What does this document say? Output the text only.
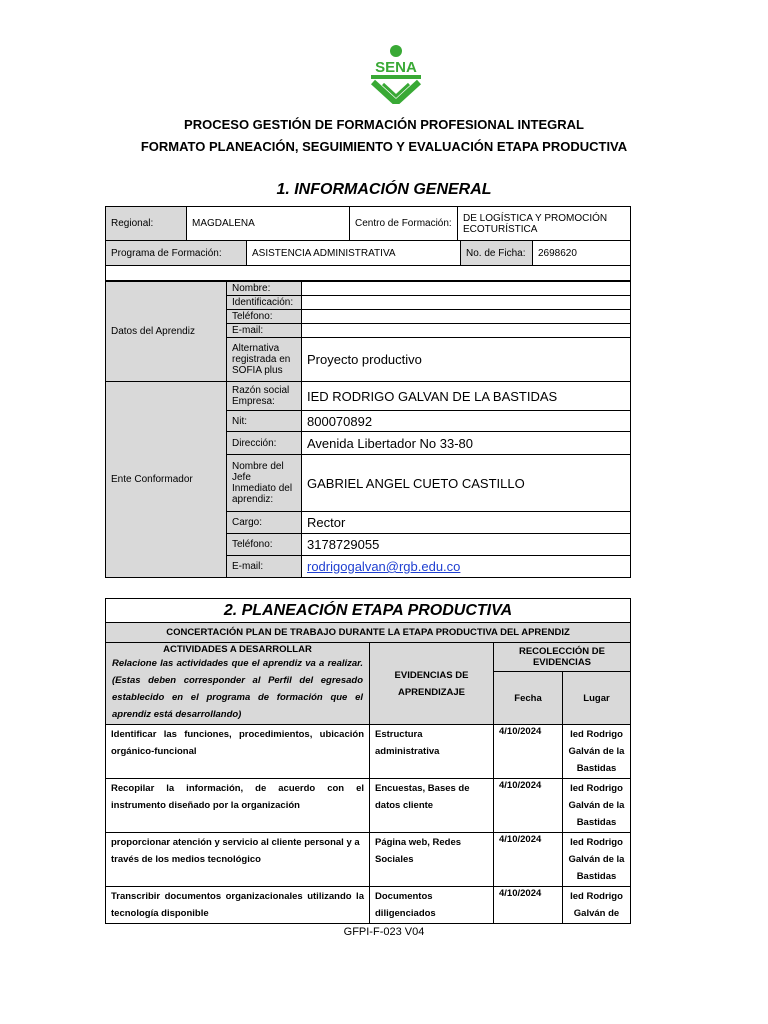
SENA
PROCESO GESTIÓN DE FORMACIÓN PROFESIONAL INTEGRAL
FORMATO PLANEACIÓN, SEGUIMIENTO Y EVALUACIÓN ETAPA PRODUCTIVA
1. INFORMACIÓN GENERAL
Regional:	MAGDALENA	Centro de Formación:	DE LOGÍSTICA Y PROMOCIÓN ECOTURÍSTICA
Programa de Formación:	ASISTENCIA ADMINISTRATIVA	No. de Ficha:	2698620

Datos del Aprendiz	Nombre:	
	Identificación:	
	Teléfono:	
	E-mail:	
	Alternativa registrada en SOFIA plus	Proyecto productivo
Ente Conformador	Razón social Empresa:	IED RODRIGO GALVAN DE LA BASTIDAS
	Nit:	800070892
	Dirección:	Avenida Libertador No 33-80
	Nombre del Jefe Inmediato del aprendiz:	GABRIEL ANGEL CUETO CASTILLO
	Cargo:	Rector
	Teléfono:	3178729055
	E-mail:	rodrigogalvan@rgb.edu.co
2. PLANEACIÓN ETAPA PRODUCTIVA			
CONCERTACIÓN PLAN DE TRABAJO DURANTE LA ETAPA PRODUCTIVA DEL APRENDIZ			

ACTIVIDADES A DESARROLLAR
Relacione las actividades que el aprendiz va a realizar. (Estas deben corresponder al Perfil del egresado establecido en el programa de formación que el aprendiz está desarrollando)	EVIDENCIAS DE APRENDIZAJE	RECOLECCIÓN DE EVIDENCIAS	
		Fecha	Lugar
Identificar las funciones, procedimientos, ubicación orgánico-funcional	Estructura administrativa	4/10/2024	Ied Rodrigo Galván de la Bastidas
Recopilar la información, de acuerdo con el instrumento diseñado por la organización	Encuestas, Bases de datos cliente	4/10/2024	Ied Rodrigo Galván de la Bastidas
proporcionar atención y servicio al cliente personal y a través de los medios tecnológico	Página web, Redes Sociales	4/10/2024	Ied Rodrigo Galván de la Bastidas
Transcribir documentos organizacionales utilizando la tecnología disponible	Documentos diligenciados	4/10/2024	Ied Rodrigo Galván de
GFPI-F-023 V04
